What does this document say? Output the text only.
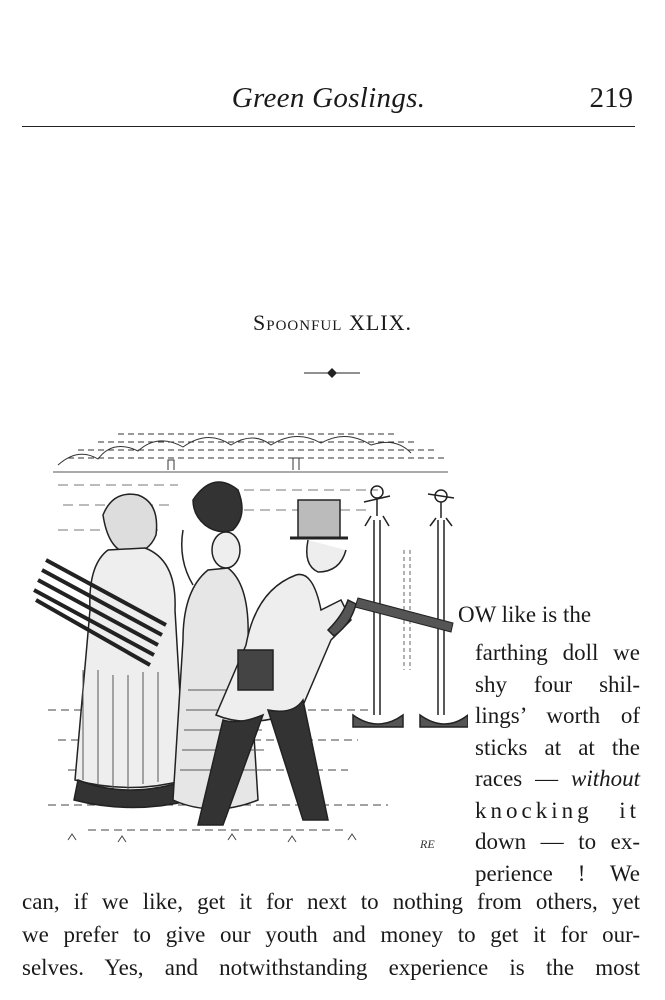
Green Goslings.	219
Spoonful XLIX.
RE
OW like is the
farthing doll we
shy four shil-
lings’ worth of
sticks at at the
races — without
knocking it
down — to ex-
perience ! We
can, if we like, get it for next to nothing from others, yet
we prefer to give our youth and money to get it for our-
selves. Yes, and notwithstanding experience is the most
